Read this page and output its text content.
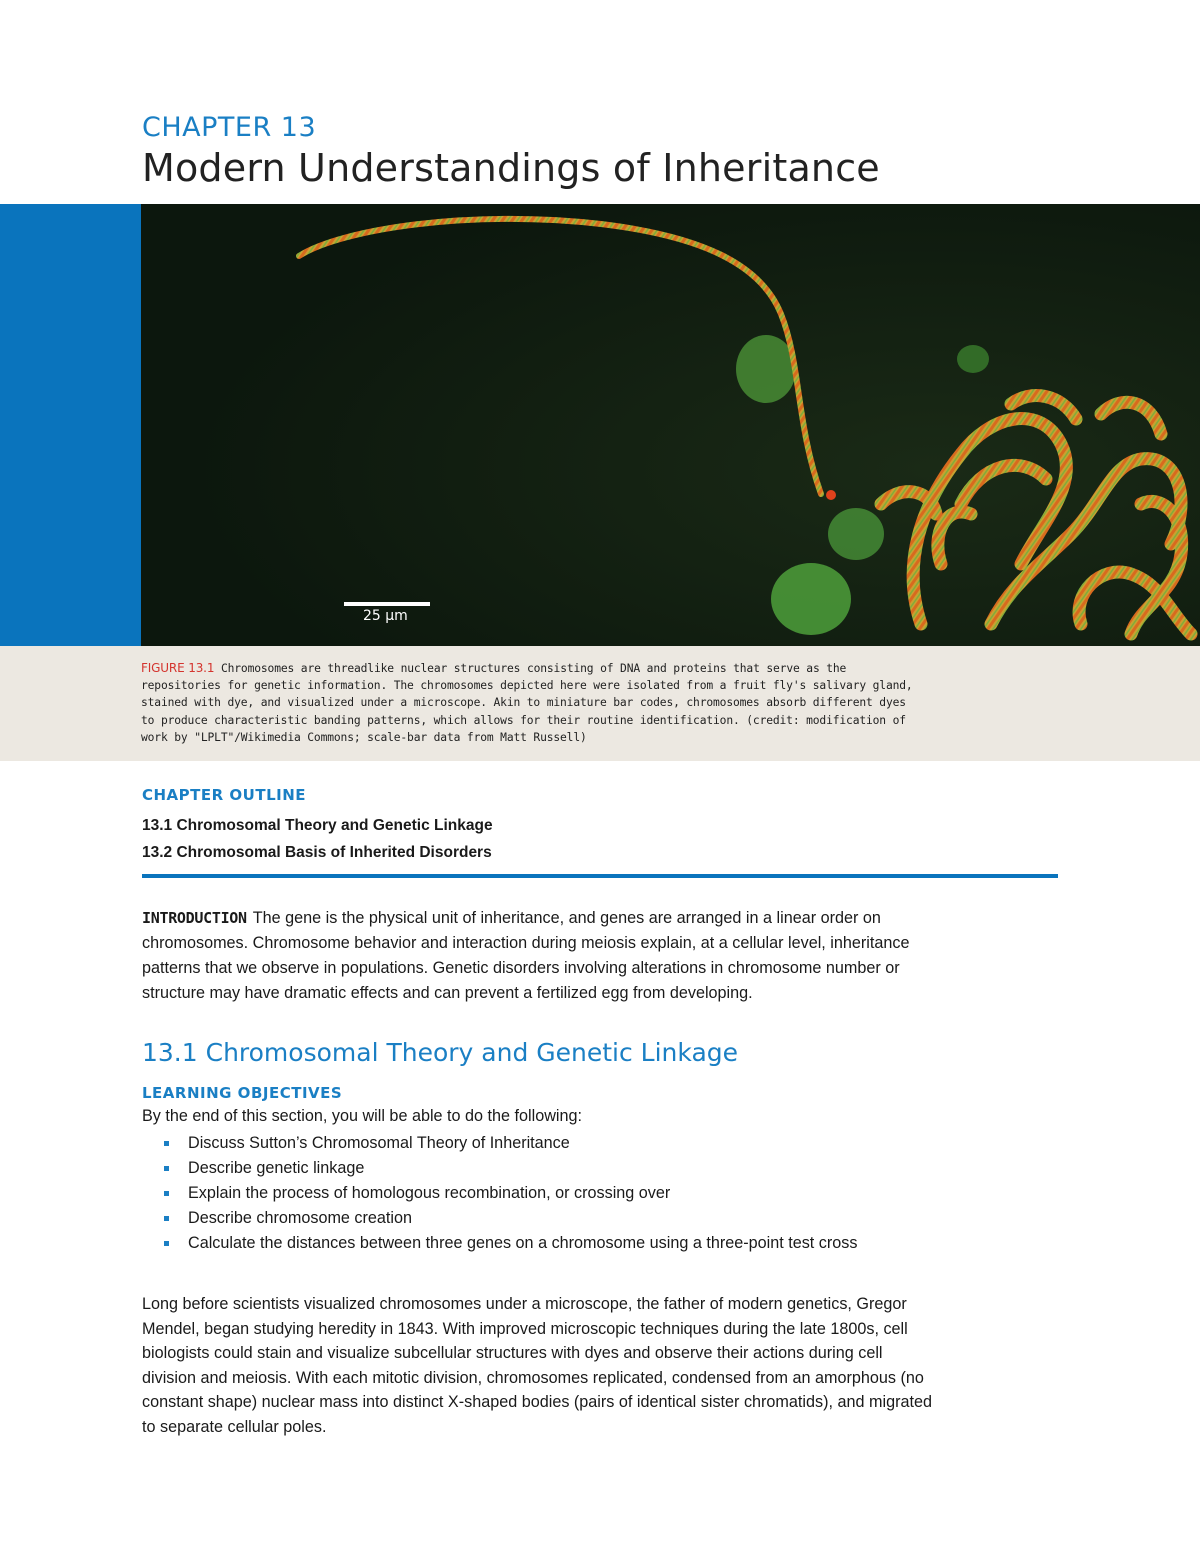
CHAPTER 13
Modern Understandings of Inheritance
25 µm

FIGURE 13.1 Chromosomes are threadlike nuclear structures consisting of DNA and proteins that serve as the repositories for genetic information. The chromosomes depicted here were isolated from a fruit fly's salivary gland, stained with dye, and visualized under a microscope. Akin to miniature bar codes, chromosomes absorb different dyes to produce characteristic banding patterns, which allows for their routine identification. (credit: modification of work by "LPLT"/Wikimedia Commons; scale-bar data from Matt Russell)

CHAPTER OUTLINE
13.1 Chromosomal Theory and Genetic Linkage
13.2 Chromosomal Basis of Inherited Disorders

INTRODUCTION The gene is the physical unit of inheritance, and genes are arranged in a linear order on chromosomes. Chromosome behavior and interaction during meiosis explain, at a cellular level, inheritance patterns that we observe in populations. Genetic disorders involving alterations in chromosome number or structure may have dramatic effects and can prevent a fertilized egg from developing.

13.1 Chromosomal Theory and Genetic Linkage
LEARNING OBJECTIVES
By the end of this section, you will be able to do the following:
Discuss Sutton’s Chromosomal Theory of Inheritance
Describe genetic linkage
Explain the process of homologous recombination, or crossing over
Describe chromosome creation
Calculate the distances between three genes on a chromosome using a three-point test cross

Long before scientists visualized chromosomes under a microscope, the father of modern genetics, Gregor Mendel, began studying heredity in 1843. With improved microscopic techniques during the late 1800s, cell biologists could stain and visualize subcellular structures with dyes and observe their actions during cell division and meiosis. With each mitotic division, chromosomes replicated, condensed from an amorphous (no constant shape) nuclear mass into distinct X-shaped bodies (pairs of identical sister chromatids), and migrated to separate cellular poles.
